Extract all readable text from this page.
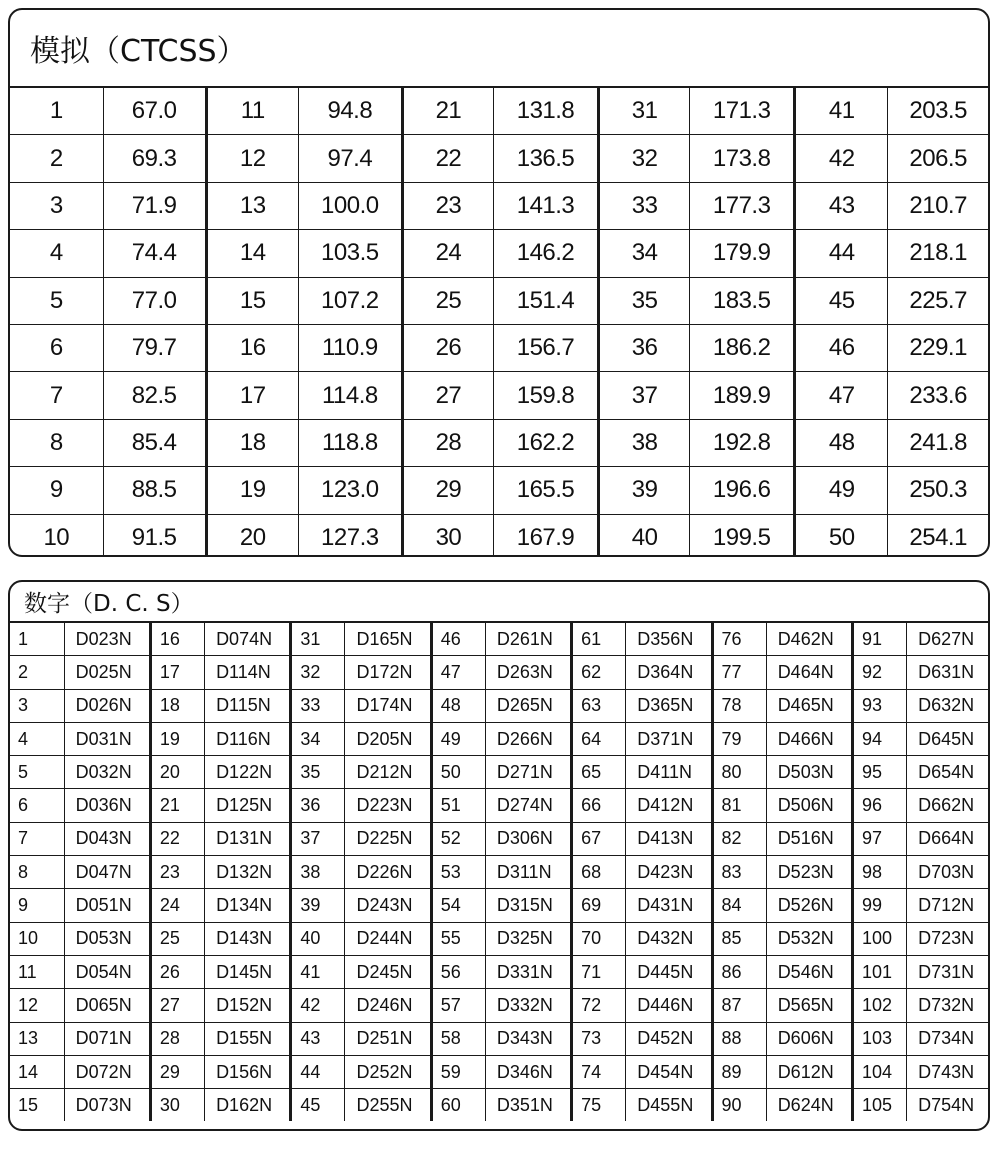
模拟（CTCSS）
1	67.0	11	94.8	21	131.8	31	171.3	41	203.5
2	69.3	12	97.4	22	136.5	32	173.8	42	206.5
3	71.9	13	100.0	23	141.3	33	177.3	43	210.7
4	74.4	14	103.5	24	146.2	34	179.9	44	218.1
5	77.0	15	107.2	25	151.4	35	183.5	45	225.7
6	79.7	16	110.9	26	156.7	36	186.2	46	229.1
7	82.5	17	114.8	27	159.8	37	189.9	47	233.6
8	85.4	18	118.8	28	162.2	38	192.8	48	241.8
9	88.5	19	123.0	29	165.5	39	196.6	49	250.3
10	91.5	20	127.3	30	167.9	40	199.5	50	254.1
数字（D. C. S）
1	D023N	16	D074N	31	D165N	46	D261N	61	D356N	76	D462N	91	D627N
2	D025N	17	D114N	32	D172N	47	D263N	62	D364N	77	D464N	92	D631N
3	D026N	18	D115N	33	D174N	48	D265N	63	D365N	78	D465N	93	D632N
4	D031N	19	D116N	34	D205N	49	D266N	64	D371N	79	D466N	94	D645N
5	D032N	20	D122N	35	D212N	50	D271N	65	D411N	80	D503N	95	D654N
6	D036N	21	D125N	36	D223N	51	D274N	66	D412N	81	D506N	96	D662N
7	D043N	22	D131N	37	D225N	52	D306N	67	D413N	82	D516N	97	D664N
8	D047N	23	D132N	38	D226N	53	D311N	68	D423N	83	D523N	98	D703N
9	D051N	24	D134N	39	D243N	54	D315N	69	D431N	84	D526N	99	D712N
10	D053N	25	D143N	40	D244N	55	D325N	70	D432N	85	D532N	100	D723N
11	D054N	26	D145N	41	D245N	56	D331N	71	D445N	86	D546N	101	D731N
12	D065N	27	D152N	42	D246N	57	D332N	72	D446N	87	D565N	102	D732N
13	D071N	28	D155N	43	D251N	58	D343N	73	D452N	88	D606N	103	D734N
14	D072N	29	D156N	44	D252N	59	D346N	74	D454N	89	D612N	104	D743N
15	D073N	30	D162N	45	D255N	60	D351N	75	D455N	90	D624N	105	D754N
